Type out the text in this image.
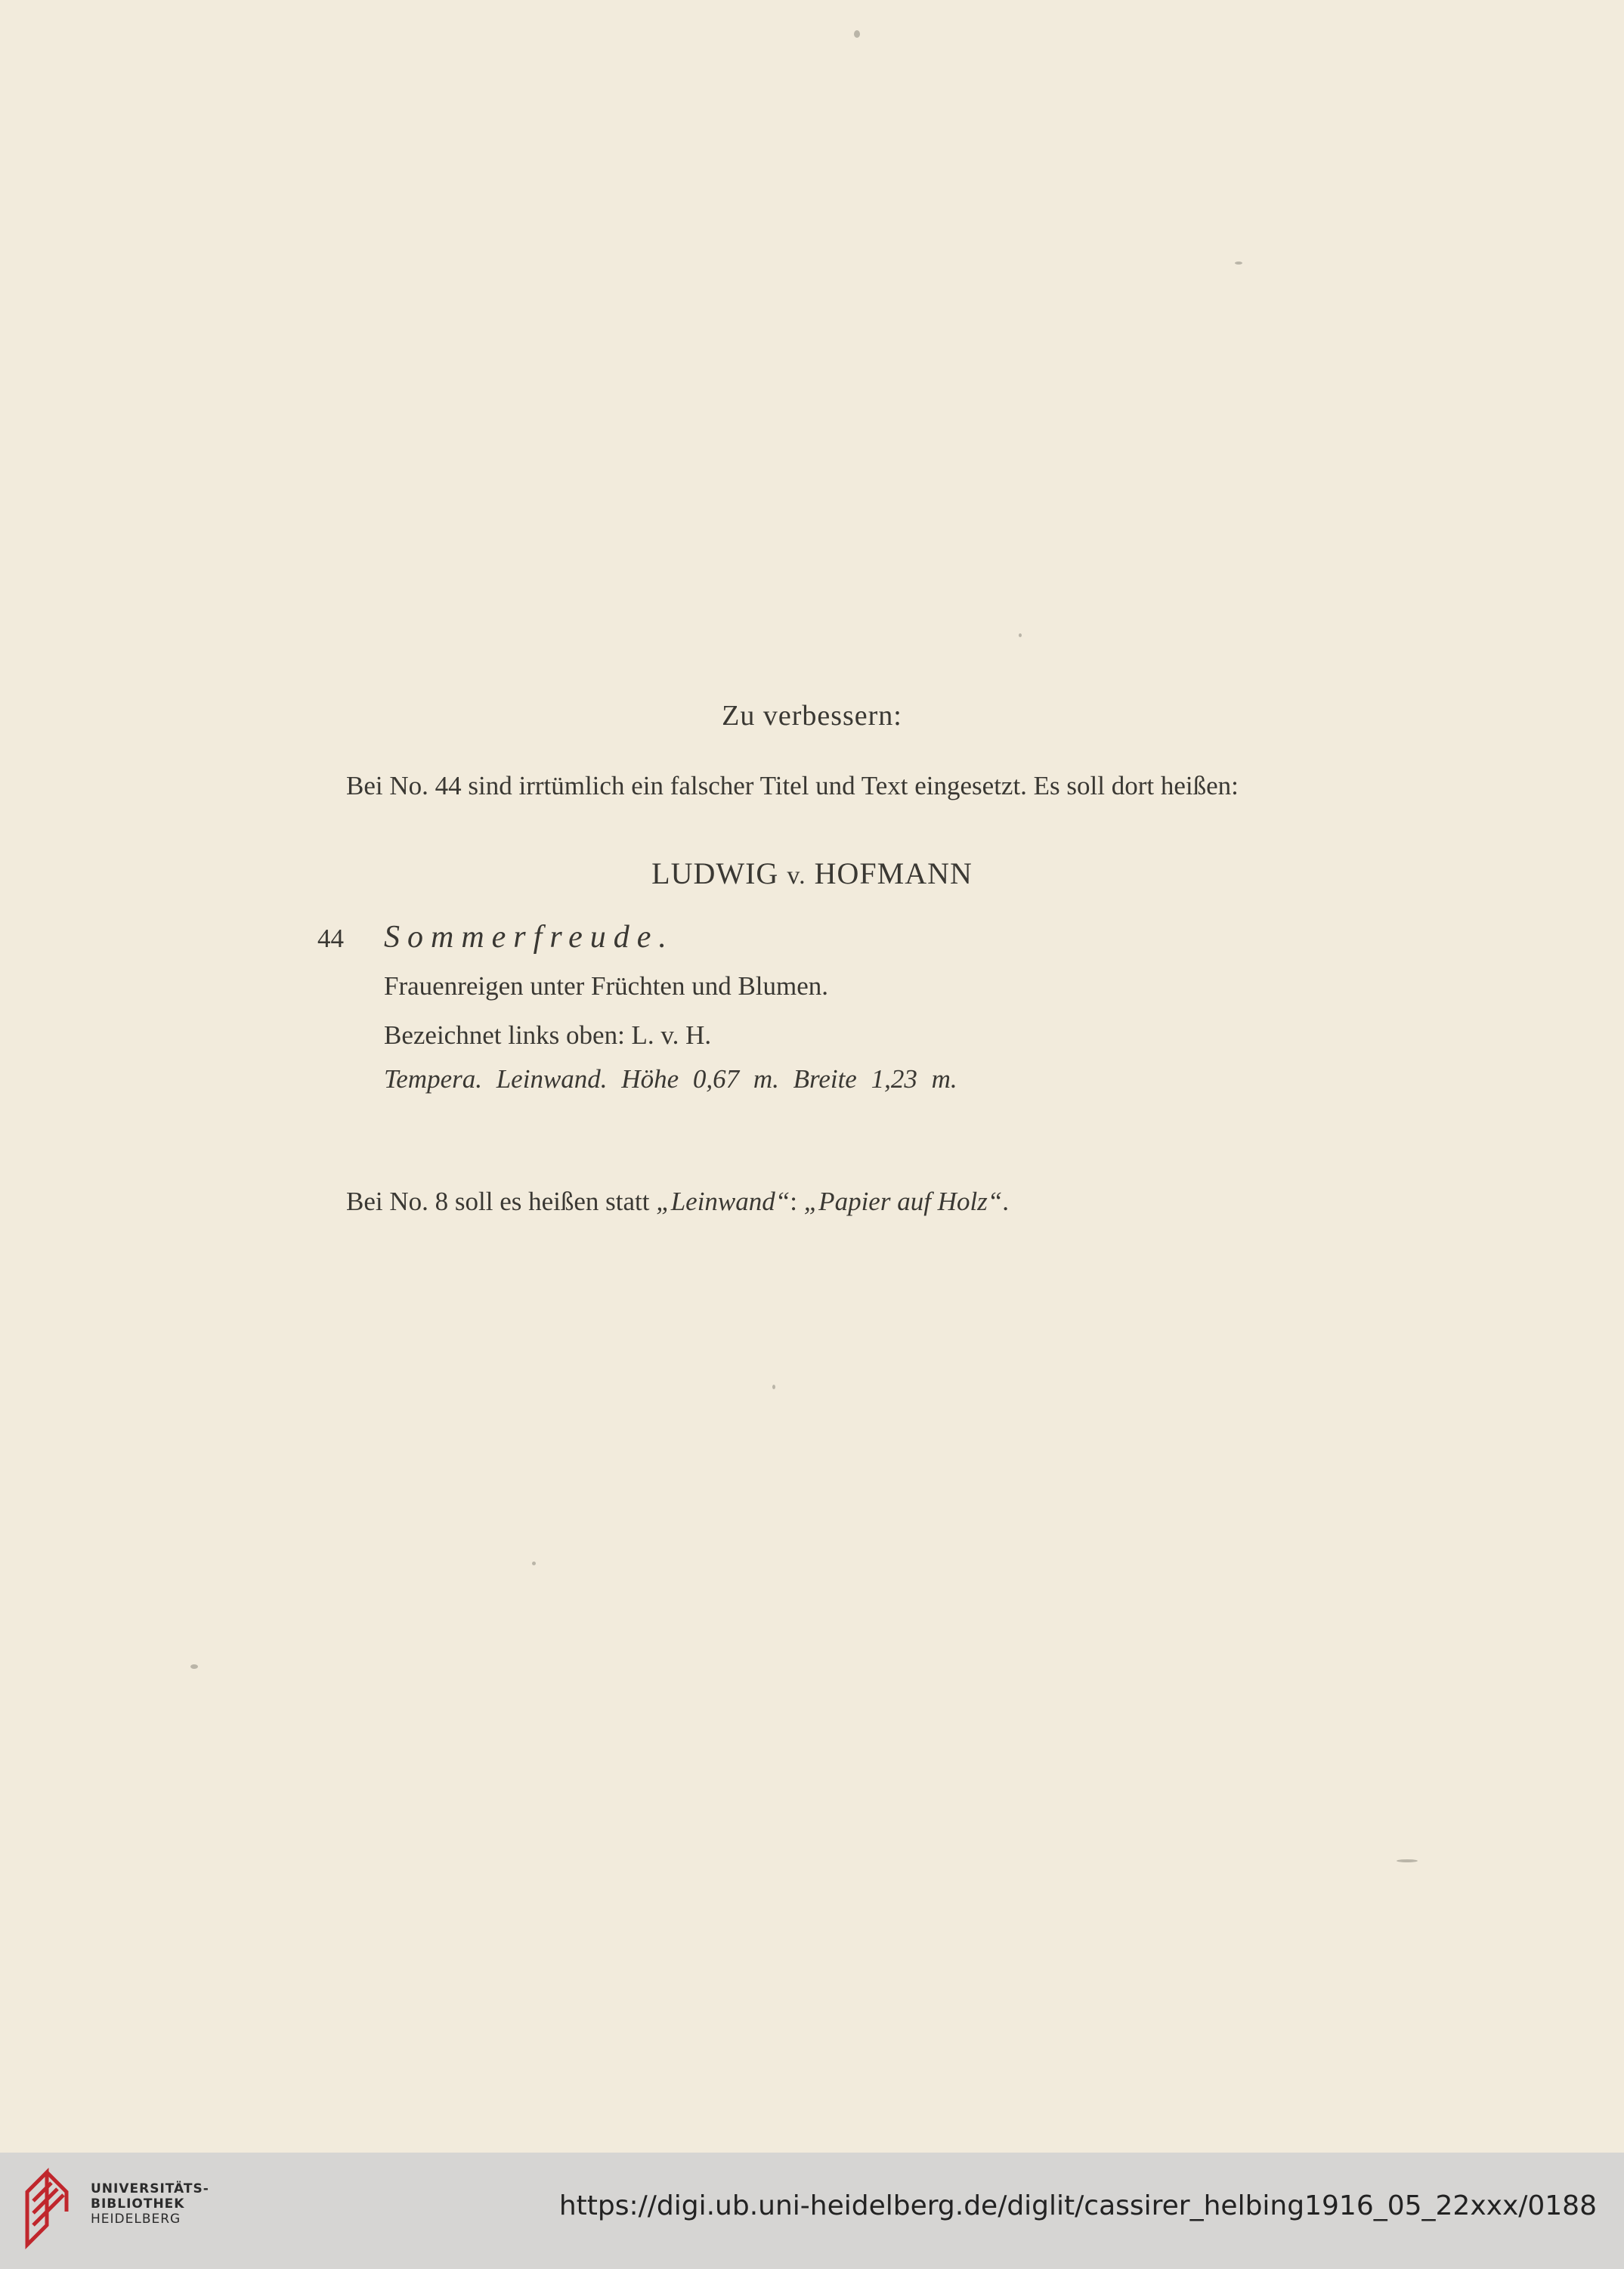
Zu verbessern:
Bei No. 44 sind irrtümlich ein falscher Titel und Text eingesetzt. Es soll dort heißen:
LUDWIG v. HOFMANN
44 Sommerfreude.
Frauenreigen unter Früchten und Blumen.
Bezeichnet links oben: L. v. H.
Tempera. Leinwand. Höhe 0,67 m. Breite 1,23 m.
Bei No. 8 soll es heißen statt „Leinwand“: „Papier auf Holz“.
UNIVERSITÄTS-
BIBLIOTHEK
HEIDELBERG	https://digi.ub.uni-heidelberg.de/diglit/cassirer_helbing1916_05_22xxx/0188
